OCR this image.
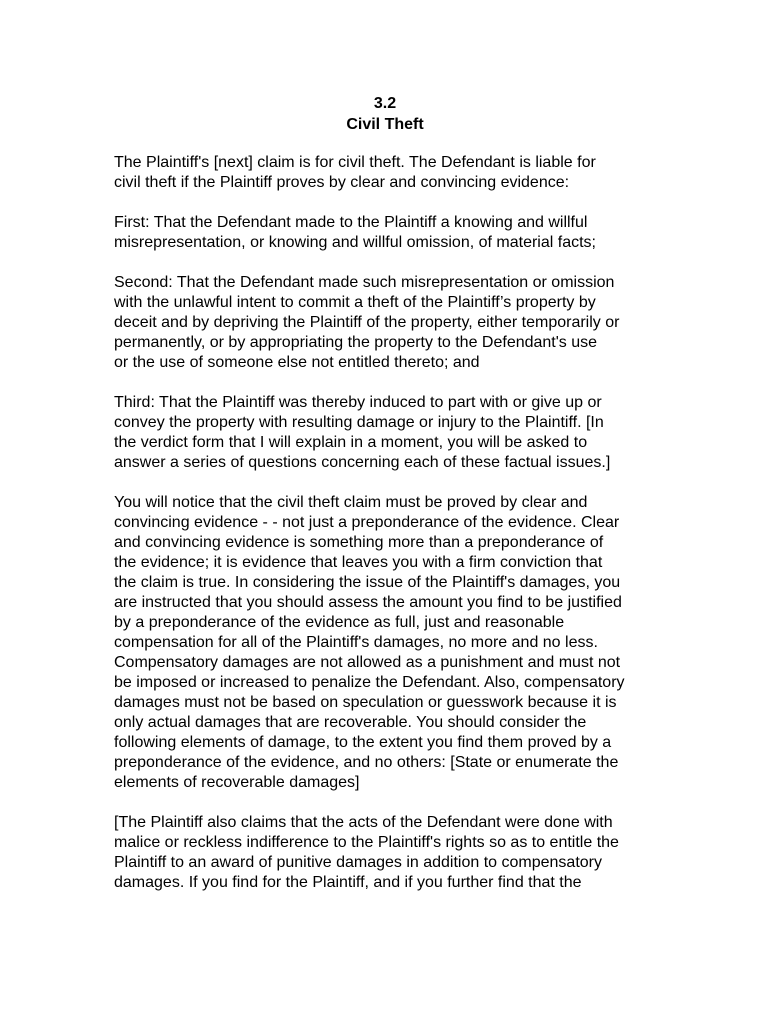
3.2
Civil Theft
The Plaintiff's [next] claim is for civil theft. The Defendant is liable for
civil theft if the Plaintiff proves by clear and convincing evidence:
First: That the Defendant made to the Plaintiff a knowing and willful
misrepresentation, or knowing and willful omission, of material facts;
Second: That the Defendant made such misrepresentation or omission
with the unlawful intent to commit a theft of the Plaintiff’s property by
deceit and by depriving the Plaintiff of the property, either temporarily or
permanently, or by appropriating the property to the Defendant's use
or the use of someone else not entitled thereto; and
Third: That the Plaintiff was thereby induced to part with or give up or
convey the property with resulting damage or injury to the Plaintiff. [In
the verdict form that I will explain in a moment, you will be asked to
answer a series of questions concerning each of these factual issues.]
You will notice that the civil theft claim must be proved by clear and
convincing evidence - - not just a preponderance of the evidence. Clear
and convincing evidence is something more than a preponderance of
the evidence; it is evidence that leaves you with a firm conviction that
the claim is true. In considering the issue of the Plaintiff's damages, you
are instructed that you should assess the amount you find to be justified
by a preponderance of the evidence as full, just and reasonable
compensation for all of the Plaintiff's damages, no more and no less.
Compensatory damages are not allowed as a punishment and must not
be imposed or increased to penalize the Defendant. Also, compensatory
damages must not be based on speculation or guesswork because it is
only actual damages that are recoverable. You should consider the
following elements of damage, to the extent you find them proved by a
preponderance of the evidence, and no others: [State or enumerate the
elements of recoverable damages]
[The Plaintiff also claims that the acts of the Defendant were done with
malice or reckless indifference to the Plaintiff's rights so as to entitle the
Plaintiff to an award of punitive damages in addition to compensatory
damages. If you find for the Plaintiff, and if you further find that the
